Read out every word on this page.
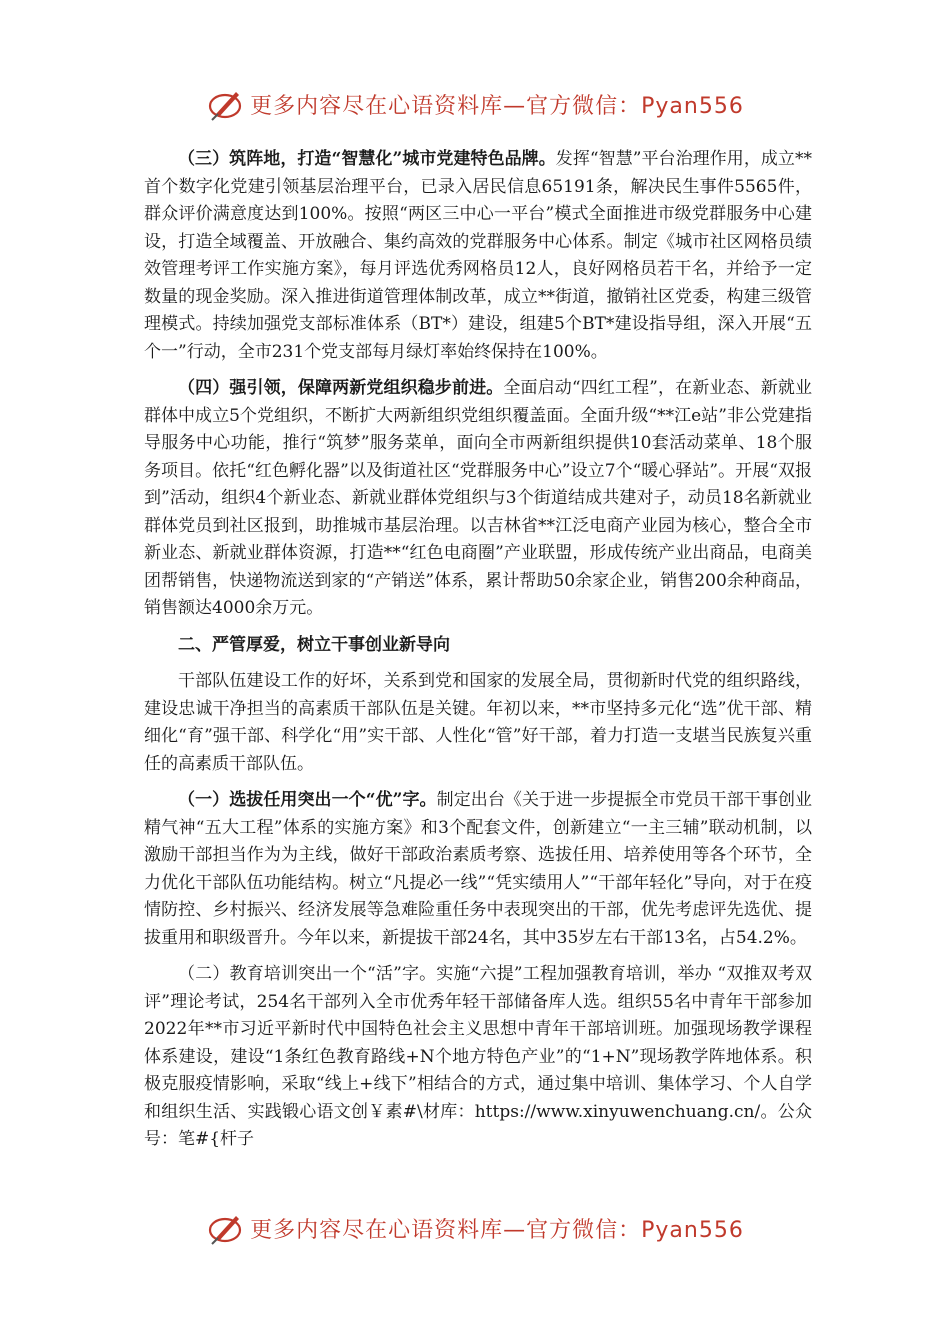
更多内容尽在心语资料库—官方微信：Pyan556

（三）筑阵地，打造“智慧化”城市党建特色品牌。发挥“智慧”平台治理作用，成立**首个数字化党建引领基层治理平台，已录入居民信息65191条，解决民生事件5565件，群众评价满意度达到100%。按照“两区三中心一平台”模式全面推进市级党群服务中心建设，打造全域覆盖、开放融合、集约高效的党群服务中心体系。制定《城市社区网格员绩效管理考评工作实施方案》，每月评选优秀网格员12人，良好网格员若干名，并给予一定数量的现金奖励。深入推进街道管理体制改革，成立**街道，撤销社区党委，构建三级管理模式。持续加强党支部标准体系（BT*）建设，组建5个BT*建设指导组，深入开展“五个一”行动，全市231个党支部每月绿灯率始终保持在100%。

（四）强引领，保障两新党组织稳步前进。全面启动“四红工程”，在新业态、新就业群体中成立5个党组织，不断扩大两新组织党组织覆盖面。全面升级“**江e站”非公党建指导服务中心功能，推行“筑梦”服务菜单，面向全市两新组织提供10套活动菜单、18个服务项目。依托“红色孵化器”以及街道社区“党群服务中心”设立7个“暖心驿站”。开展“双报到”活动，组织4个新业态、新就业群体党组织与3个街道结成共建对子，动员18名新就业群体党员到社区报到，助推城市基层治理。以吉林省**江泛电商产业园为核心，整合全市新业态、新就业群体资源，打造**“红色电商圈”产业联盟，形成传统产业出商品，电商美团帮销售，快递物流送到家的“产销送”体系，累计帮助50余家企业，销售200余种商品，销售额达4000余万元。

二、严管厚爱，树立干事创业新导向

干部队伍建设工作的好坏，关系到党和国家的发展全局，贯彻新时代党的组织路线，建设忠诚干净担当的高素质干部队伍是关键。年初以来，**市坚持多元化“选”优干部、精细化“育”强干部、科学化“用”实干部、人性化“管”好干部，着力打造一支堪当民族复兴重任的高素质干部队伍。

（一）选拔任用突出一个“优”字。制定出台《关于进一步提振全市党员干部干事创业精气神“五大工程”体系的实施方案》和3个配套文件，创新建立“一主三辅”联动机制，以激励干部担当作为为主线，做好干部政治素质考察、选拔任用、培养使用等各个环节，全力优化干部队伍功能结构。树立“凡提必一线”“凭实绩用人”“干部年轻化”导向，对于在疫情防控、乡村振兴、经济发展等急难险重任务中表现突出的干部，优先考虑评先选优、提拔重用和职级晋升。今年以来，新提拔干部24名，其中35岁左右干部13名，占54.2%。

（二）教育培训突出一个“活”字。实施“六提”工程加强教育培训，举办 “双推双考双评”理论考试，254名干部列入全市优秀年轻干部储备库人选。组织55名中青年干部参加2022年**市习近平新时代中国特色社会主义思想中青年干部培训班。加强现场教学课程体系建设，建设“1条红色教育路线+N个地方特色产业”的“1+N”现场教学阵地体系。积极克服疫情影响，采取“线上+线下”相结合的方式，通过集中培训、集体学习、个人自学和组织生活、实践锻心语文创￥素#\材库：https://www.xinyuwenchuang.cn/。公众号：笔#{杆子

更多内容尽在心语资料库—官方微信：Pyan556
